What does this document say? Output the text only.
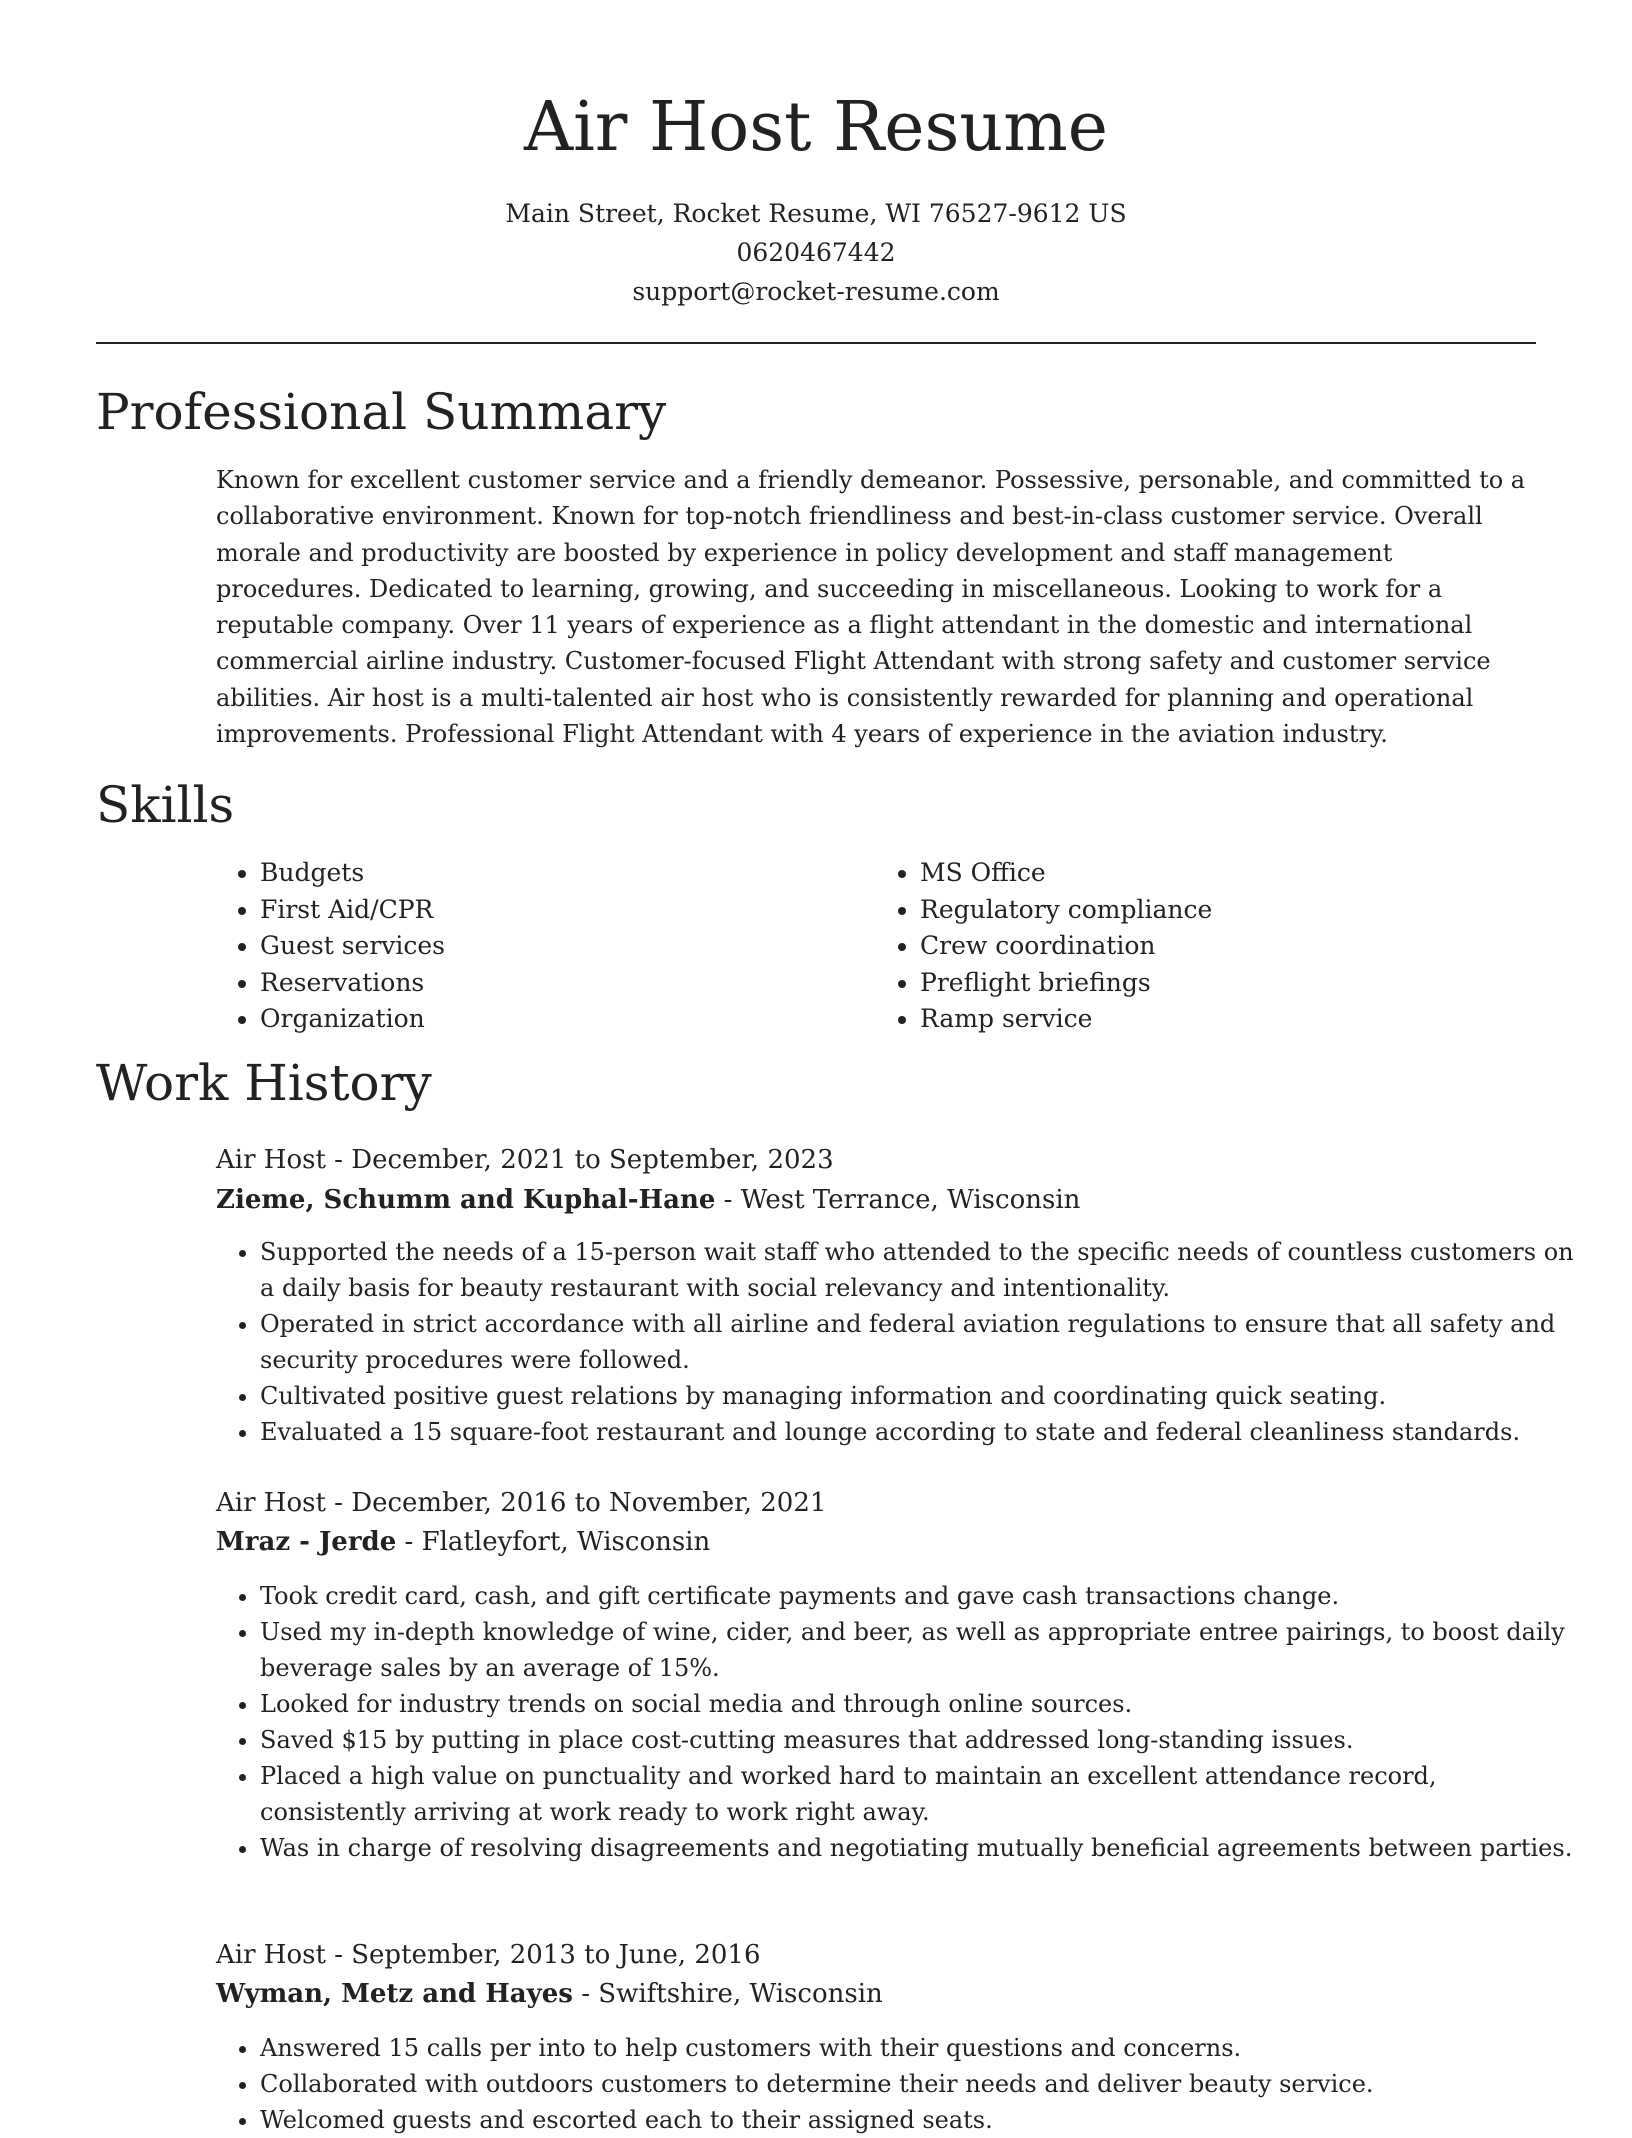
Air Host Resume
Main Street, Rocket Resume, WI 76527-9612 US
0620467442
support@rocket-resume.com
Professional Summary

Known for excellent customer service and a friendly demeanor. Possessive, personable, and committed to a collaborative environment. Known for top-notch friendliness and best-in-class customer service. Overall morale and productivity are boosted by experience in policy development and staff management procedures. Dedicated to learning, growing, and succeeding in miscellaneous. Looking to work for a reputable company. Over 11 years of experience as a flight attendant in the domestic and international commercial airline industry. Customer-focused Flight Attendant with strong safety and customer service abilities. Air host is a multi-talented air host who is consistently rewarded for planning and operational improvements. Professional Flight Attendant with 4 years of experience in the aviation industry.

Skills
• Budgets
• First Aid/CPR
• Guest services
• Reservations
• Organization
• MS Office
• Regulatory compliance
• Crew coordination
• Preflight briefings
• Ramp service
Work History
Air Host - December, 2021 to September, 2023
Zieme, Schumm and Kuphal-Hane - West Terrance, Wisconsin
• Supported the needs of a 15-person wait staff who attended to the specific needs of countless customers on a daily basis for beauty restaurant with social relevancy and intentionality.
• Operated in strict accordance with all airline and federal aviation regulations to ensure that all safety and security procedures were followed.
• Cultivated positive guest relations by managing information and coordinating quick seating.
• Evaluated a 15 square-foot restaurant and lounge according to state and federal cleanliness standards.
Air Host - December, 2016 to November, 2021
Mraz - Jerde - Flatleyfort, Wisconsin
• Took credit card, cash, and gift certificate payments and gave cash transactions change.
• Used my in-depth knowledge of wine, cider, and beer, as well as appropriate entree pairings, to boost daily beverage sales by an average of 15%.
• Looked for industry trends on social media and through online sources.
• Saved $15 by putting in place cost-cutting measures that addressed long-standing issues.
• Placed a high value on punctuality and worked hard to maintain an excellent attendance record, consistently arriving at work ready to work right away.
• Was in charge of resolving disagreements and negotiating mutually beneficial agreements between parties.
Air Host - September, 2013 to June, 2016
Wyman, Metz and Hayes - Swiftshire, Wisconsin
• Answered 15 calls per into to help customers with their questions and concerns.
• Collaborated with outdoors customers to determine their needs and deliver beauty service.
• Welcomed guests and escorted each to their assigned seats.
